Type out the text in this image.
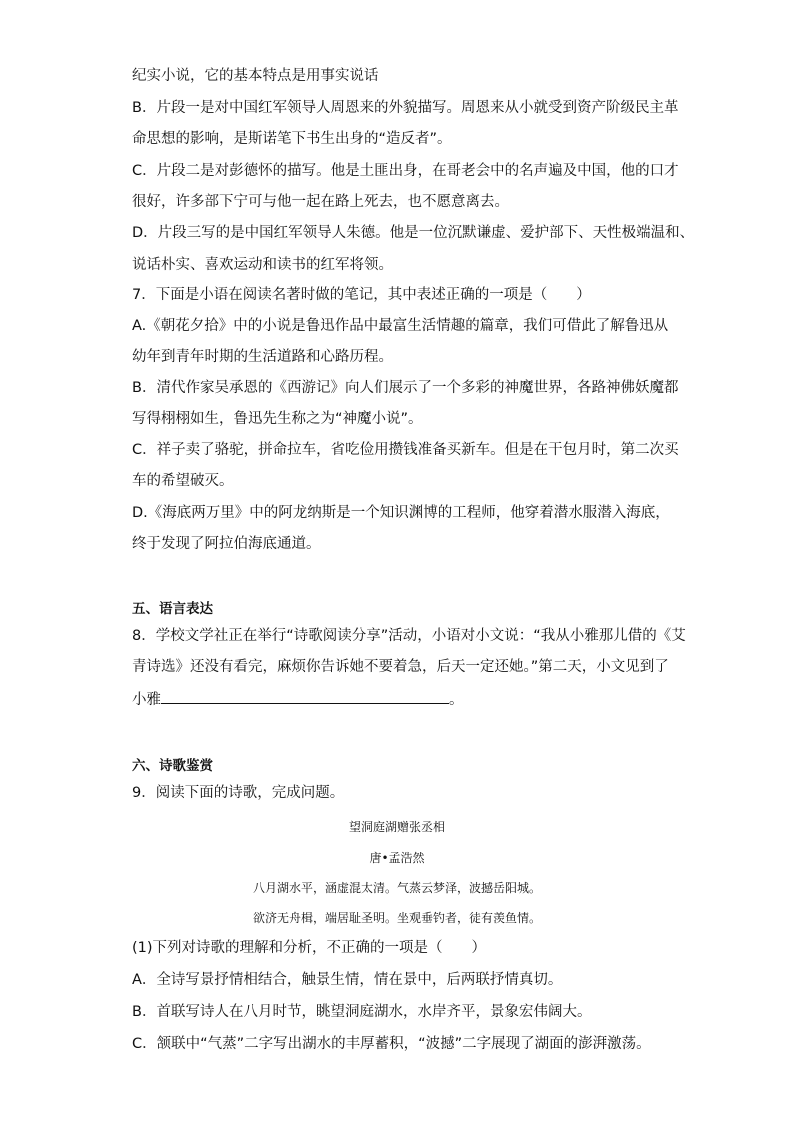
纪实小说，它的基本特点是用事实说话
B．片段一是对中国红军领导人周恩来的外貌描写。周恩来从小就受到资产阶级民主革
命思想的影响，是斯诺笔下书生出身的“造反者”。
C．片段二是对彭德怀的描写。他是土匪出身，在哥老会中的名声遍及中国，他的口才
很好，许多部下宁可与他一起在路上死去，也不愿意离去。
D．片段三写的是中国红军领导人朱德。他是一位沉默谦虚、爱护部下、天性极端温和、
说话朴实、喜欢运动和读书的红军将领。
7．下面是小语在阅读名著时做的笔记，其中表述正确的一项是（　　）
A.《朝花夕拾》中的小说是鲁迅作品中最富生活情趣的篇章，我们可借此了解鲁迅从
幼年到青年时期的生活道路和心路历程。
B．清代作家吴承恩的《西游记》向人们展示了一个多彩的神魔世界，各路神佛妖魔都
写得栩栩如生，鲁迅先生称之为“神魔小说”。
C．祥子卖了骆驼，拼命拉车，省吃俭用攒钱准备买新车。但是在干包月时，第二次买
车的希望破灭。
D.《海底两万里》中的阿龙纳斯是一个知识渊博的工程师，他穿着潜水服潜入海底，
终于发现了阿拉伯海底通道。
五、语言表达
8．学校文学社正在举行“诗歌阅读分享”活动，小语对小文说：“我从小雅那儿借的《艾
青诗选》还没有看完，麻烦你告诉她不要着急，后天一定还她。”第二天，小文见到了
小雅	。
六、诗歌鉴赏
9．阅读下面的诗歌，完成问题。
望洞庭湖赠张丞相
唐•孟浩然
八月湖水平，涵虚混太清。气蒸云梦泽，波撼岳阳城。
欲济无舟楫，端居耻圣明。坐观垂钓者，徒有羡鱼情。
(1)下列对诗歌的理解和分析，不正确的一项是（　　）
A．全诗写景抒情相结合，触景生情，情在景中，后两联抒情真切。
B．首联写诗人在八月时节，眺望洞庭湖水，水岸齐平，景象宏伟阔大。
C．颔联中“气蒸”二字写出湖水的丰厚蓄积，“波撼”二字展现了湖面的澎湃激荡。
